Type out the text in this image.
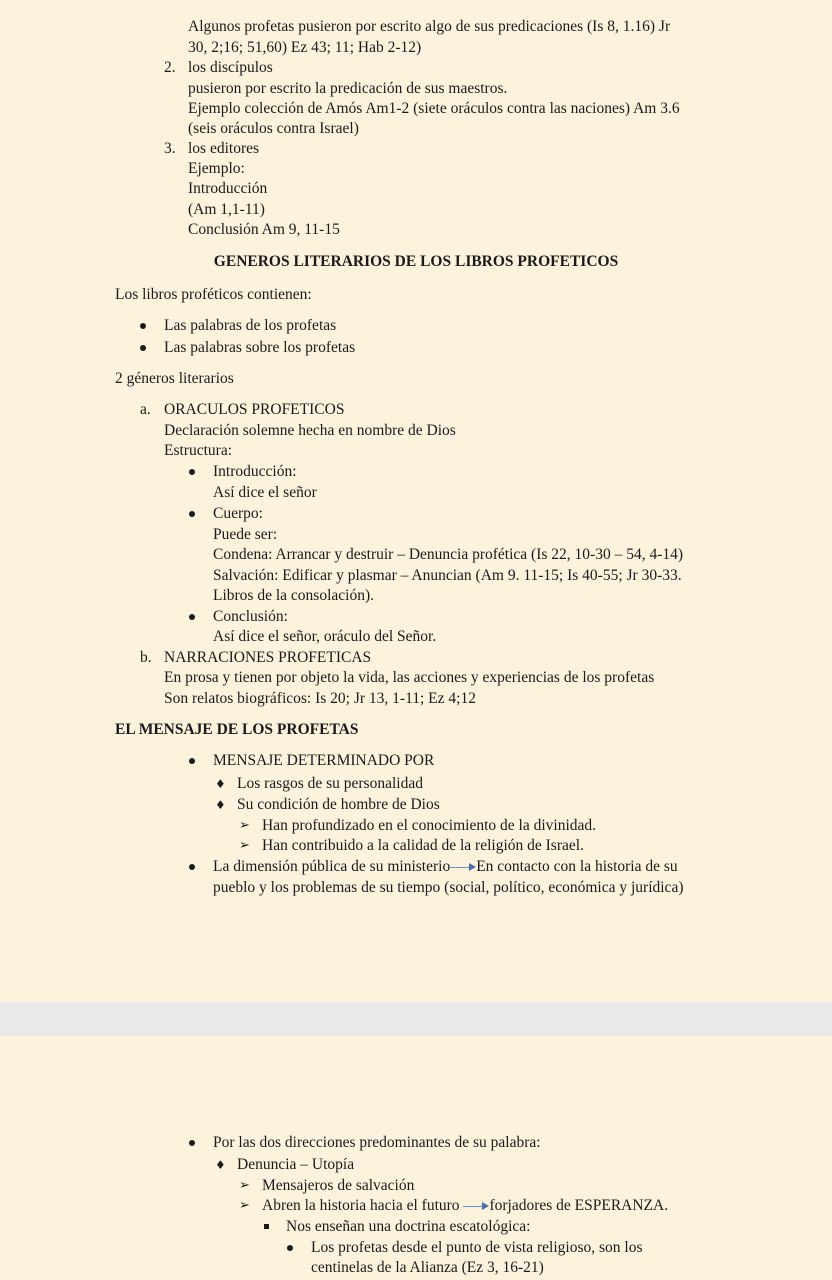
Algunos profetas pusieron por escrito algo de sus predicaciones (Is 8, 1.16) Jr
30, 2;16; 51,60) Ez 43; 11; Hab 2-12)
2. los discípulos
pusieron por escrito la predicación de sus maestros.
Ejemplo colección de Amós Am1-2 (siete oráculos contra las naciones) Am 3.6
(seis oráculos contra Israel)
3. los editores
Ejemplo:
Introducción
(Am 1,1-11)
Conclusión Am 9, 11-15
GENEROS LITERARIOS DE LOS LIBROS PROFETICOS
Los libros proféticos contienen:
Las palabras de los profetas
Las palabras sobre los profetas
2 géneros literarios
a. ORACULOS PROFETICOS
Declaración solemne hecha en nombre de Dios
Estructura:
Introducción:
Así dice el señor
Cuerpo:
Puede ser:
Condena: Arrancar y destruir – Denuncia profética (Is 22, 10-30 – 54, 4-14)
Salvación: Edificar y plasmar – Anuncian (Am 9. 11-15; Is 40-55; Jr 30-33.
Libros de la consolación).
Conclusión:
Así dice el señor, oráculo del Señor.
b. NARRACIONES PROFETICAS
En prosa y tienen por objeto la vida, las acciones y experiencias de los profetas
Son relatos biográficos: Is 20; Jr 13, 1-11; Ez 4;12
EL MENSAJE DE LOS PROFETAS
MENSAJE DETERMINADO POR
♦ Los rasgos de su personalidad
♦ Su condición de hombre de Dios
➢ Han profundizado en el conocimiento de la divinidad.
➢ Han contribuido a la calidad de la religión de Israel.
La dimensión pública de su ministerio En contacto con la historia de su
pueblo y los problemas de su tiempo (social, político, económica y jurídica)
Por las dos direcciones predominantes de su palabra:
♦ Denuncia – Utopía
➢ Mensajeros de salvación
➢ Abren la historia hacia el futuro forjadores de ESPERANZA.
Nos enseñan una doctrina escatológica:
Los profetas desde el punto de vista religioso, son los
centinelas de la Alianza (Ez 3, 16-21)
